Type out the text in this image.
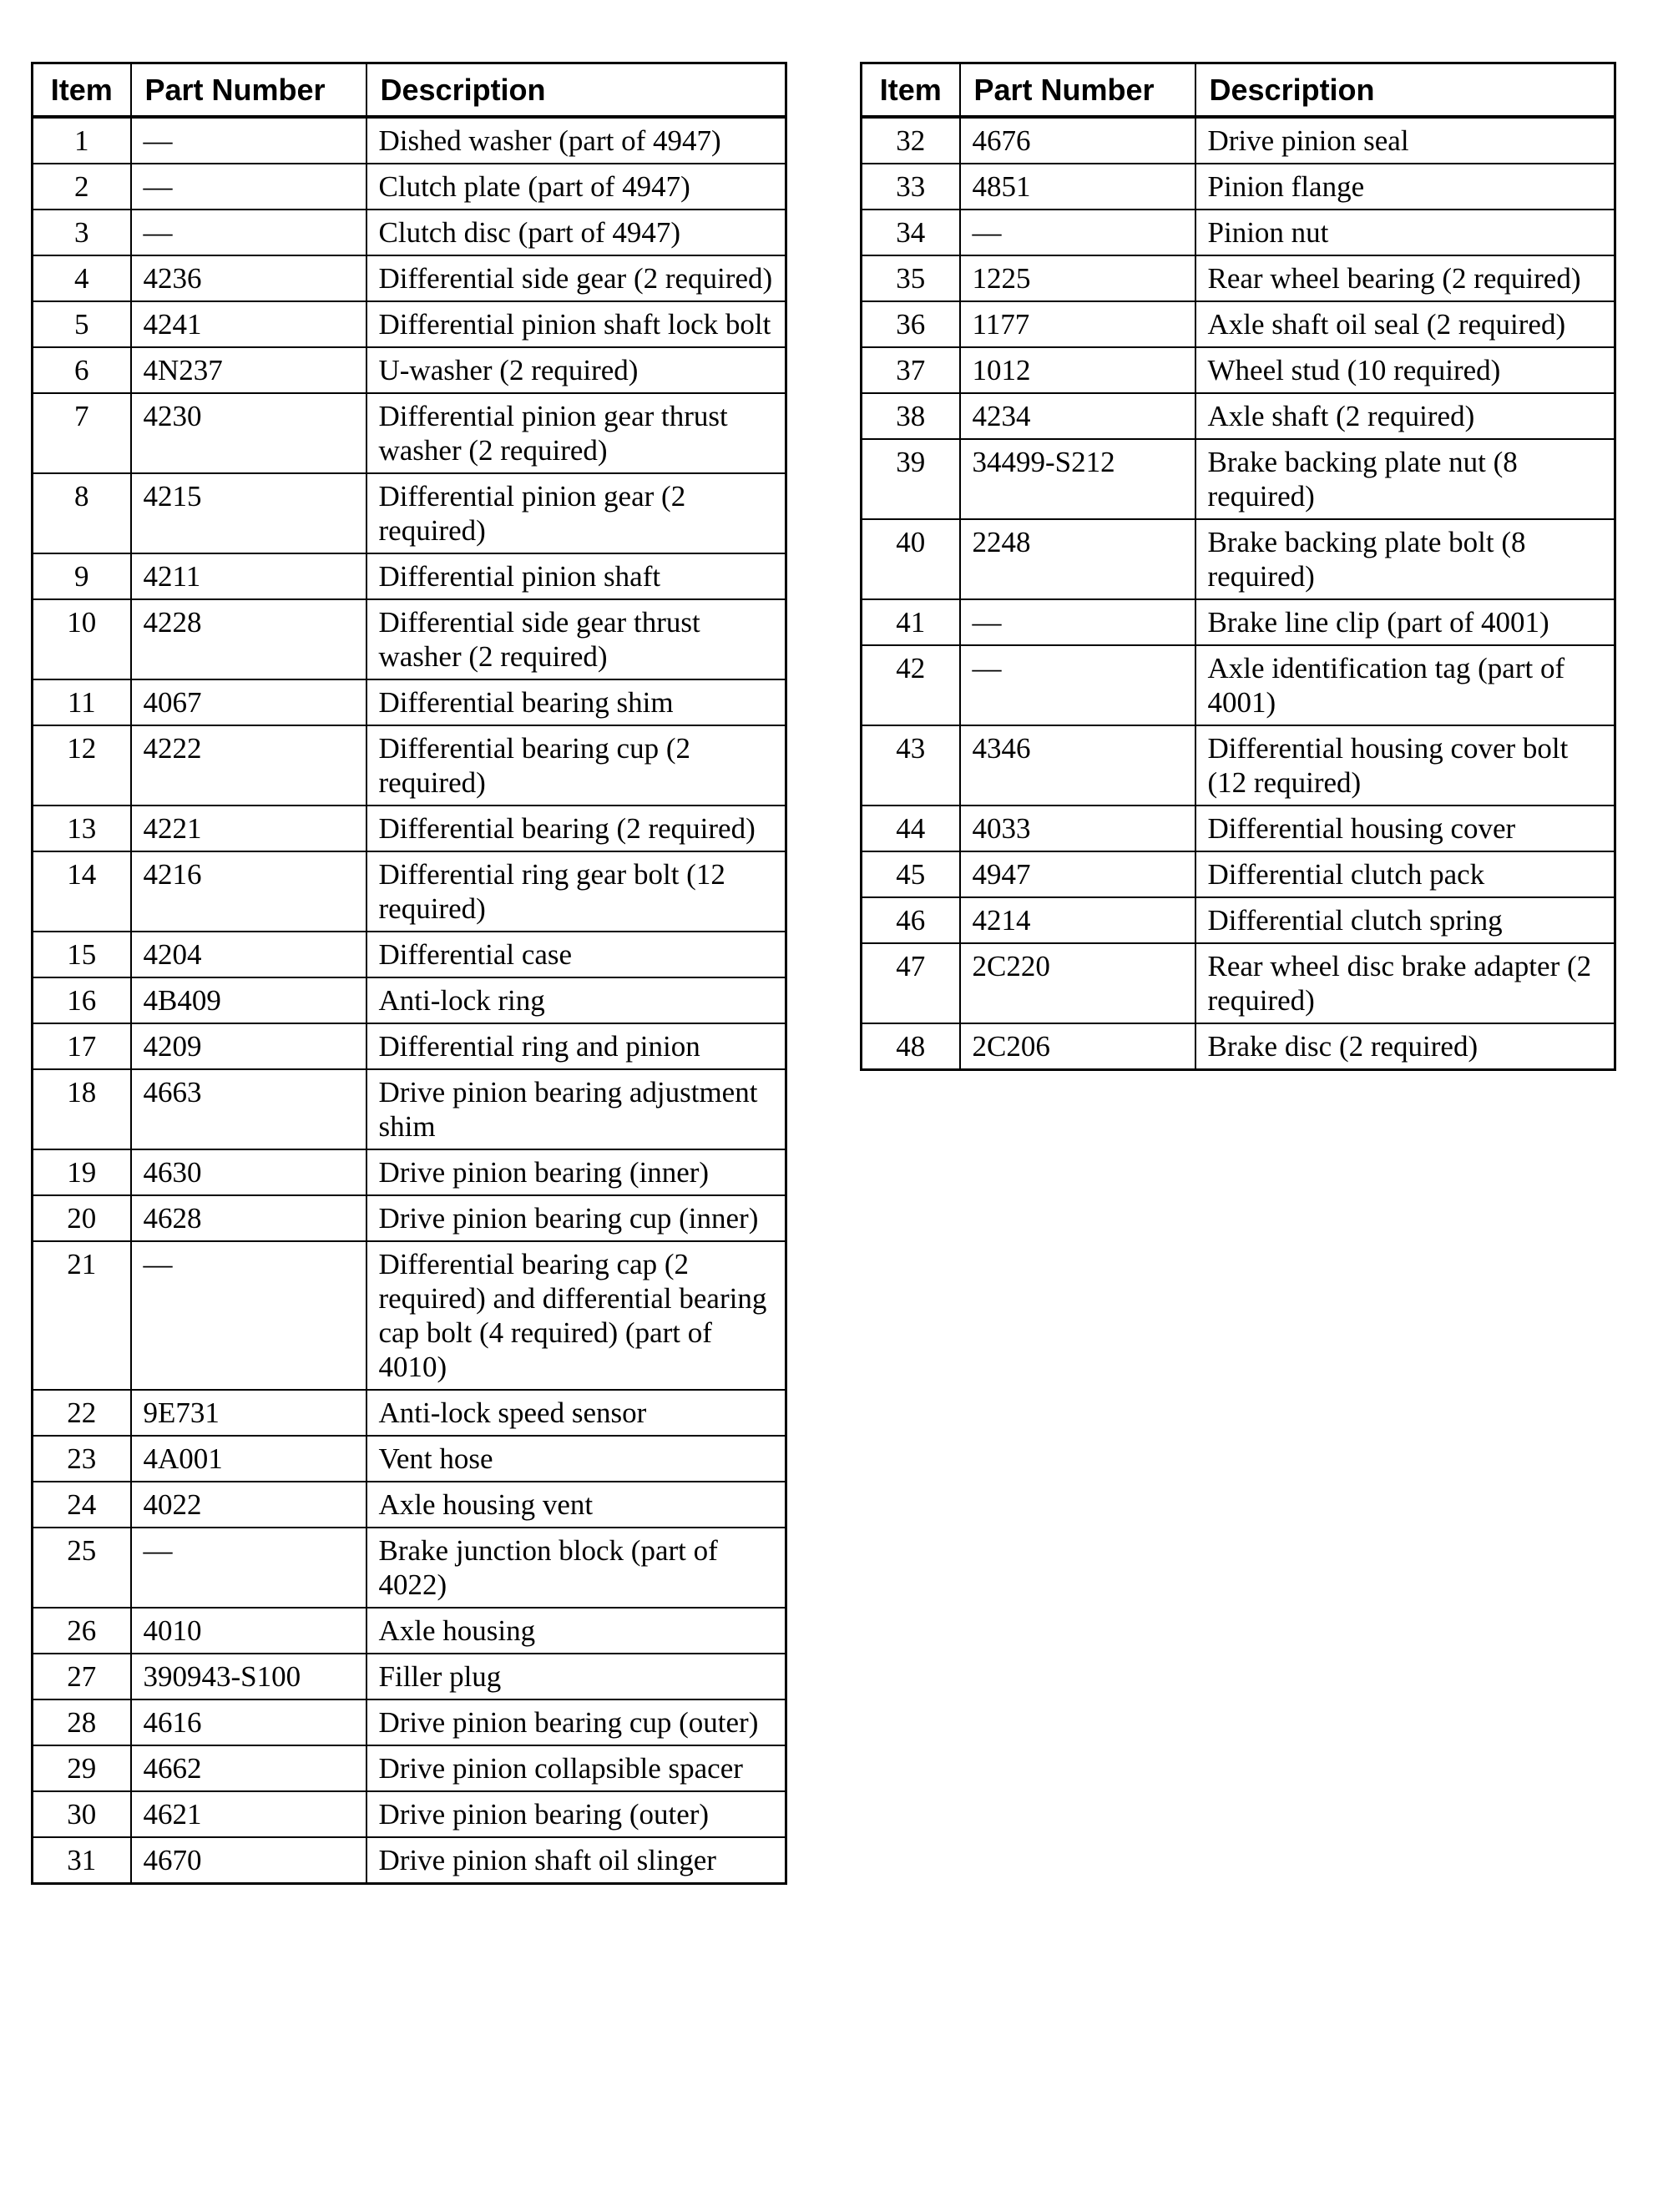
Item	Part Number	Description
1	—	Dished washer (part of 4947)
2	—	Clutch plate (part of 4947)
3	—	Clutch disc (part of 4947)
4	4236	Differential side gear (2 required)
5	4241	Differential pinion shaft lock bolt
6	4N237	U-washer (2 required)
7	4230	Differential pinion gear thrust washer (2 required)
8	4215	Differential pinion gear (2 required)
9	4211	Differential pinion shaft
10	4228	Differential side gear thrust washer (2 required)
11	4067	Differential bearing shim
12	4222	Differential bearing cup (2 required)
13	4221	Differential bearing (2 required)
14	4216	Differential ring gear bolt (12 required)
15	4204	Differential case
16	4B409	Anti-lock ring
17	4209	Differential ring and pinion
18	4663	Drive pinion bearing adjustment shim
19	4630	Drive pinion bearing (inner)
20	4628	Drive pinion bearing cup (inner)
21	—	Differential bearing cap (2 required) and differential bearing cap bolt (4 required) (part of 4010)
22	9E731	Anti-lock speed sensor
23	4A001	Vent hose
24	4022	Axle housing vent
25	—	Brake junction block (part of 4022)
26	4010	Axle housing
27	390943-S100	Filler plug
28	4616	Drive pinion bearing cup (outer)
29	4662	Drive pinion collapsible spacer
30	4621	Drive pinion bearing (outer)
31	4670	Drive pinion shaft oil slinger
Item	Part Number	Description
32	4676	Drive pinion seal
33	4851	Pinion flange
34	—	Pinion nut
35	1225	Rear wheel bearing (2 required)
36	1177	Axle shaft oil seal (2 required)
37	1012	Wheel stud (10 required)
38	4234	Axle shaft (2 required)
39	34499-S212	Brake backing plate nut (8 required)
40	2248	Brake backing plate bolt (8 required)
41	—	Brake line clip (part of 4001)
42	—	Axle identification tag (part of 4001)
43	4346	Differential housing cover bolt (12 required)
44	4033	Differential housing cover
45	4947	Differential clutch pack
46	4214	Differential clutch spring
47	2C220	Rear wheel disc brake adapter (2 required)
48	2C206	Brake disc (2 required)
